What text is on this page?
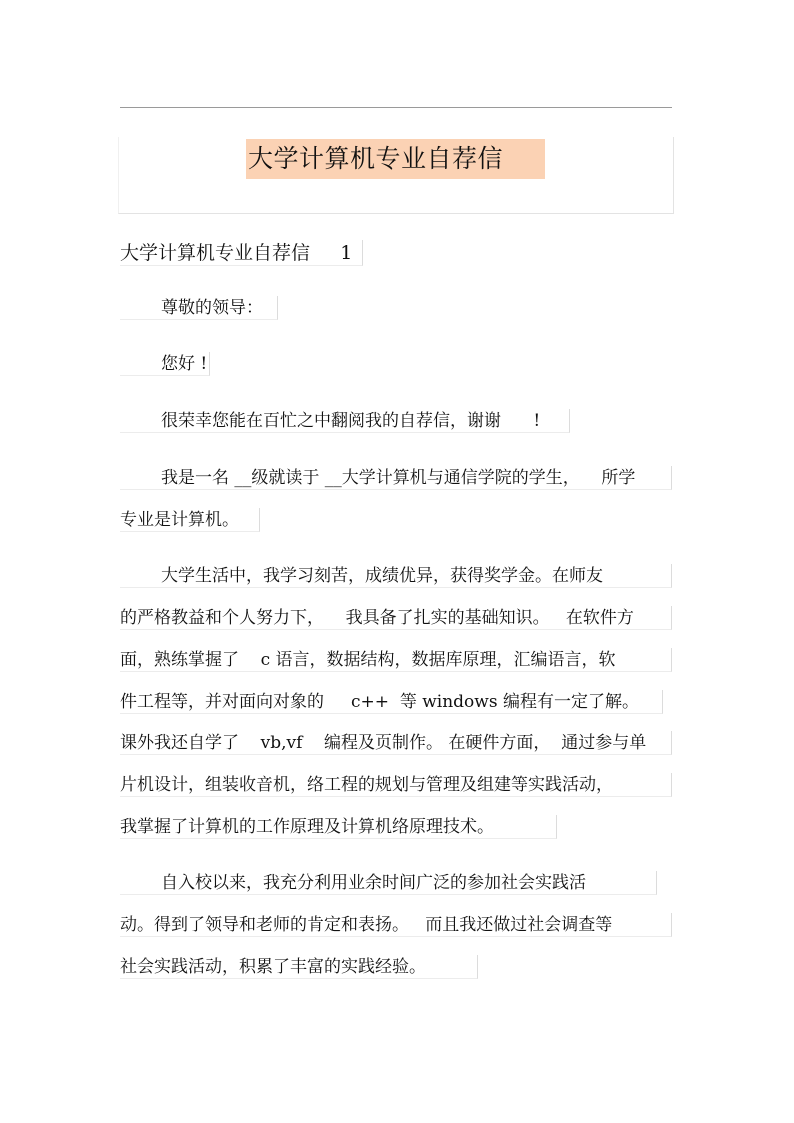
大学计算机专业自荐信
大学计算机专业自荐信     1
尊敬的领导：
您好 !
很荣幸您能在百忙之中翻阅我的自荐信，谢谢      !
我是一名 __级就读于 __大学计算机与通信学院的学生，    所学
专业是计算机。
大学生活中，我学习刻苦，成绩优异，获得奖学金。在师友
的严格教益和个人努力下，    我具备了扎实的基础知识。   在软件方
面，熟练掌握了    c 语言，数据结构，数据库原理，汇编语言，软
件工程等，并对面向对象的     c++  等 windows 编程有一定了解。
课外我还自学了    vb,vf    编程及页制作。 在硬件方面，  通过参与单
片机设计，组装收音机，络工程的规划与管理及组建等实践活动，
我掌握了计算机的工作原理及计算机络原理技术。
自入校以来，我充分利用业余时间广泛的参加社会实践活
动。得到了领导和老师的肯定和表扬。   而且我还做过社会调查等
社会实践活动，积累了丰富的实践经验。
